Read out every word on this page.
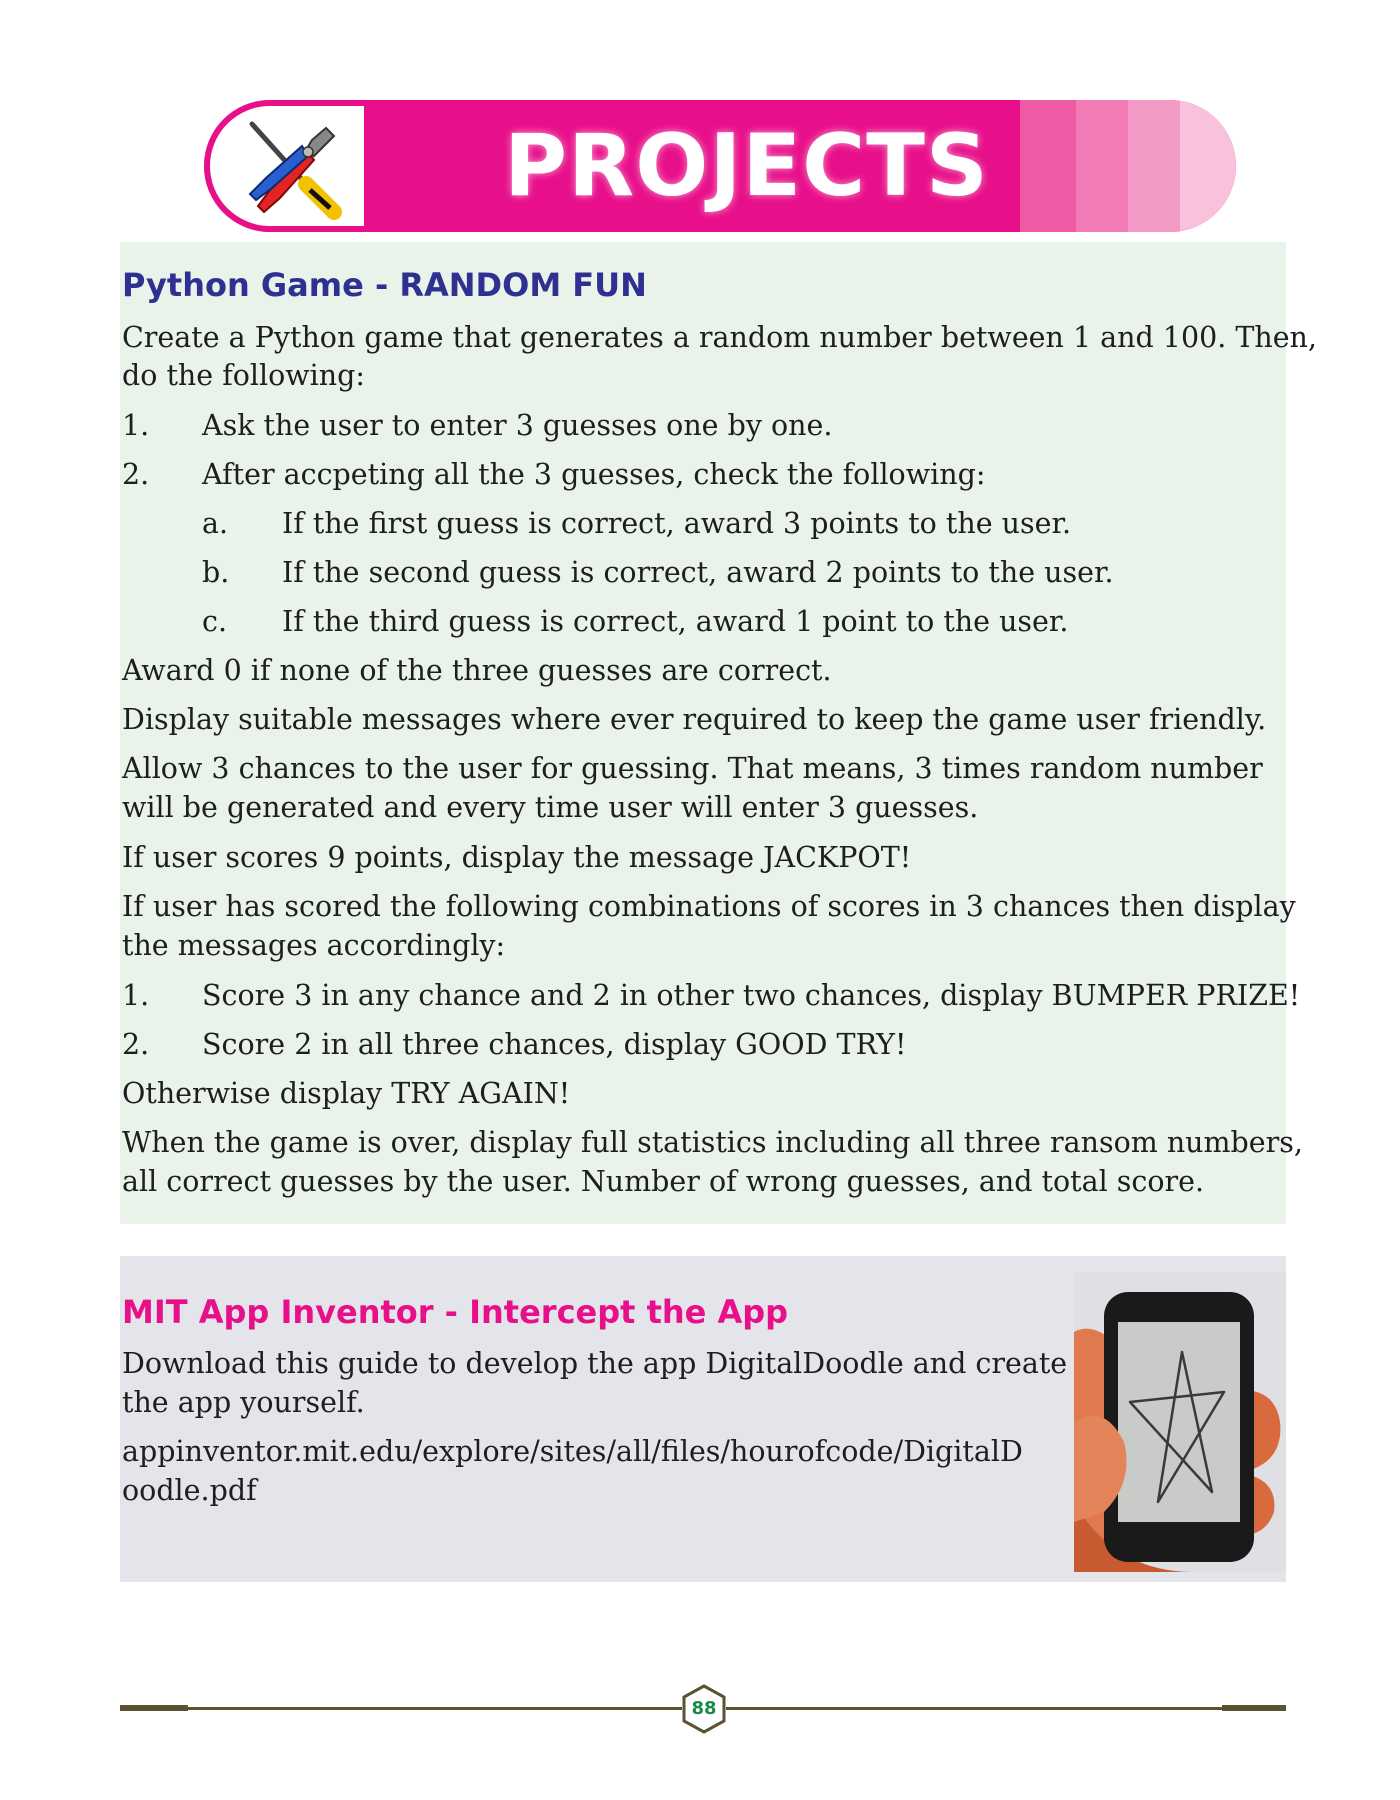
PROJECTS
Python Game - RANDOM FUN
Create a Python game that generates a random number between 1 and 100. Then,
do the following:
1. Ask the user to enter 3 guesses one by one.
2. After accpeting all the 3 guesses, check the following:
a. If the first guess is correct, award 3 points to the user.
b. If the second guess is correct, award 2 points to the user.
c. If the third guess is correct, award 1 point to the user.
Award 0 if none of the three guesses are correct.
Display suitable messages where ever required to keep the game user friendly.
Allow 3 chances to the user for guessing. That means, 3 times random number
will be generated and every time user will enter 3 guesses.
If user scores 9 points, display the message JACKPOT!
If user has scored the following combinations of scores in 3 chances then display
the messages accordingly:
1. Score 3 in any chance and 2 in other two chances, display BUMPER PRIZE!
2. Score 2 in all three chances, display GOOD TRY!
Otherwise display TRY AGAIN!
When the game is over, display full statistics including all three ransom numbers,
all correct guesses by the user. Number of wrong guesses, and total score.
MIT App Inventor - Intercept the App
Download this guide to develop the app DigitalDoodle and create
the app yourself.
appinventor.mit.edu/explore/sites/all/files/hourofcode/DigitalD
oodle.pdf
88
